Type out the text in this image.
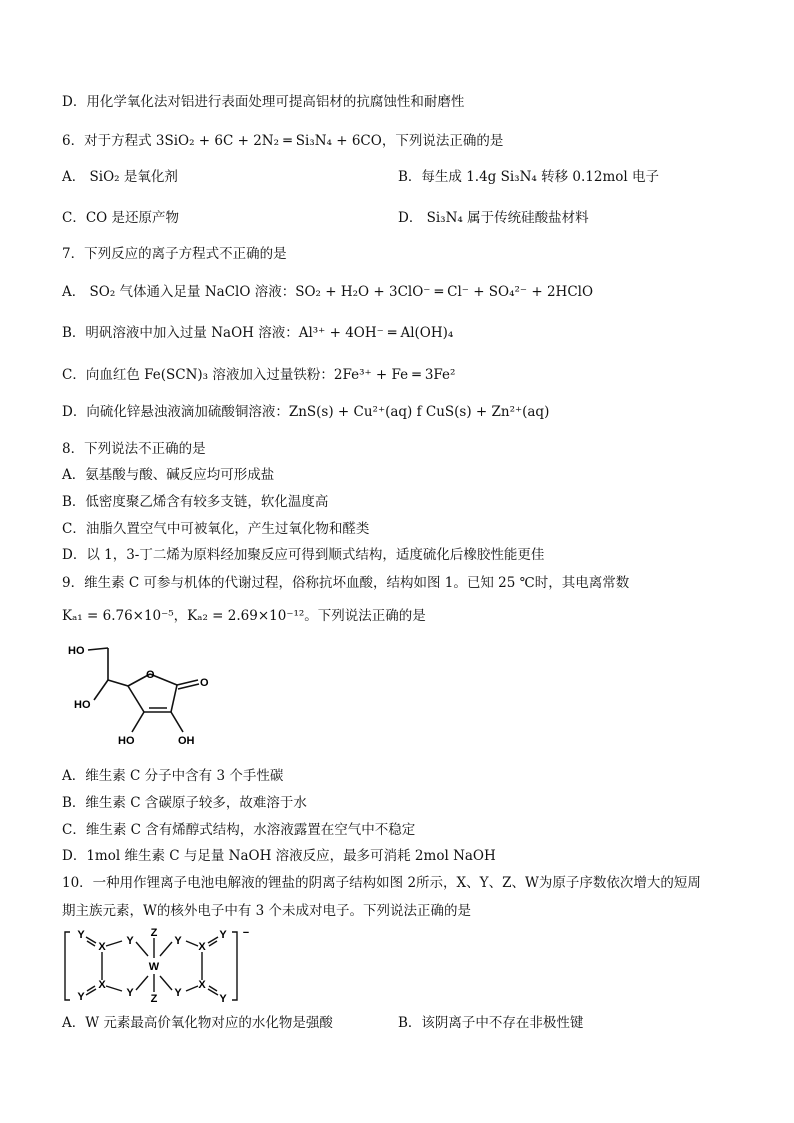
D．用化学氧化法对铝进行表面处理可提高铝材的抗腐蚀性和耐磨性
6．对于方程式 3SiO₂ + 6C + 2N₂ ═ Si₃N₄ + 6CO，下列说法正确的是
A． SiO₂ 是氧化剂	B．每生成 1.4g Si₃N₄ 转移 0.12mol 电子
C．CO 是还原产物	D． Si₃N₄ 属于传统硅酸盐材料
7．下列反应的离子方程式不正确的是
A． SO₂ 气体通入足量 NaClO 溶液：SO₂ + H₂O + 3ClO⁻ ═ Cl⁻ + SO₄²⁻ + 2HClO
B．明矾溶液中加入过量 NaOH 溶液：Al³⁺ + 4OH⁻ ═ Al(OH)₄
C．向血红色 Fe(SCN)₃ 溶液加入过量铁粉：2Fe³⁺ + Fe ═ 3Fe²
D．向硫化锌悬浊液滴加硫酸铜溶液：ZnS(s) + Cu²⁺(aq) f CuS(s) + Zn²⁺(aq)
8．下列说法不正确的是
A．氨基酸与酸、碱反应均可形成盐
B．低密度聚乙烯含有较多支链，软化温度高
C．油脂久置空气中可被氧化，产生过氧化物和醛类
D．以 1，3-丁二烯为原料经加聚反应可得到顺式结构，适度硫化后橡胶性能更佳
9．维生素 C 可参与机体的代谢过程，俗称抗坏血酸，结构如图 1。已知 25 ℃时，其电离常数
Kₐ₁ = 6.76×10⁻⁵，Kₐ₂ = 2.69×10⁻¹²。下列说法正确的是
HO
HO
O
O
HO	OH
A．维生素 C 分子中含有 3 个手性碳
B．维生素 C 含碳原子较多，故难溶于水
C．维生素 C 含有烯醇式结构，水溶液露置在空气中不稳定
D．1mol 维生素 C 与足量 NaOH 溶液反应，最多可消耗 2mol NaOH
10．一种用作锂离子电池电解液的锂盐的阴离子结构如图 2所示，X、Y、Z、W为原子序数依次增大的短周
期主族元素，W的核外电子中有 3 个未成对电子。下列说法正确的是
Y
X
X
Y
Y
Y
Z
W
Z
Y
Y
X
X
Y
Y
−
A．W 元素最高价氧化物对应的水化物是强酸	B．该阴离子中不存在非极性键
